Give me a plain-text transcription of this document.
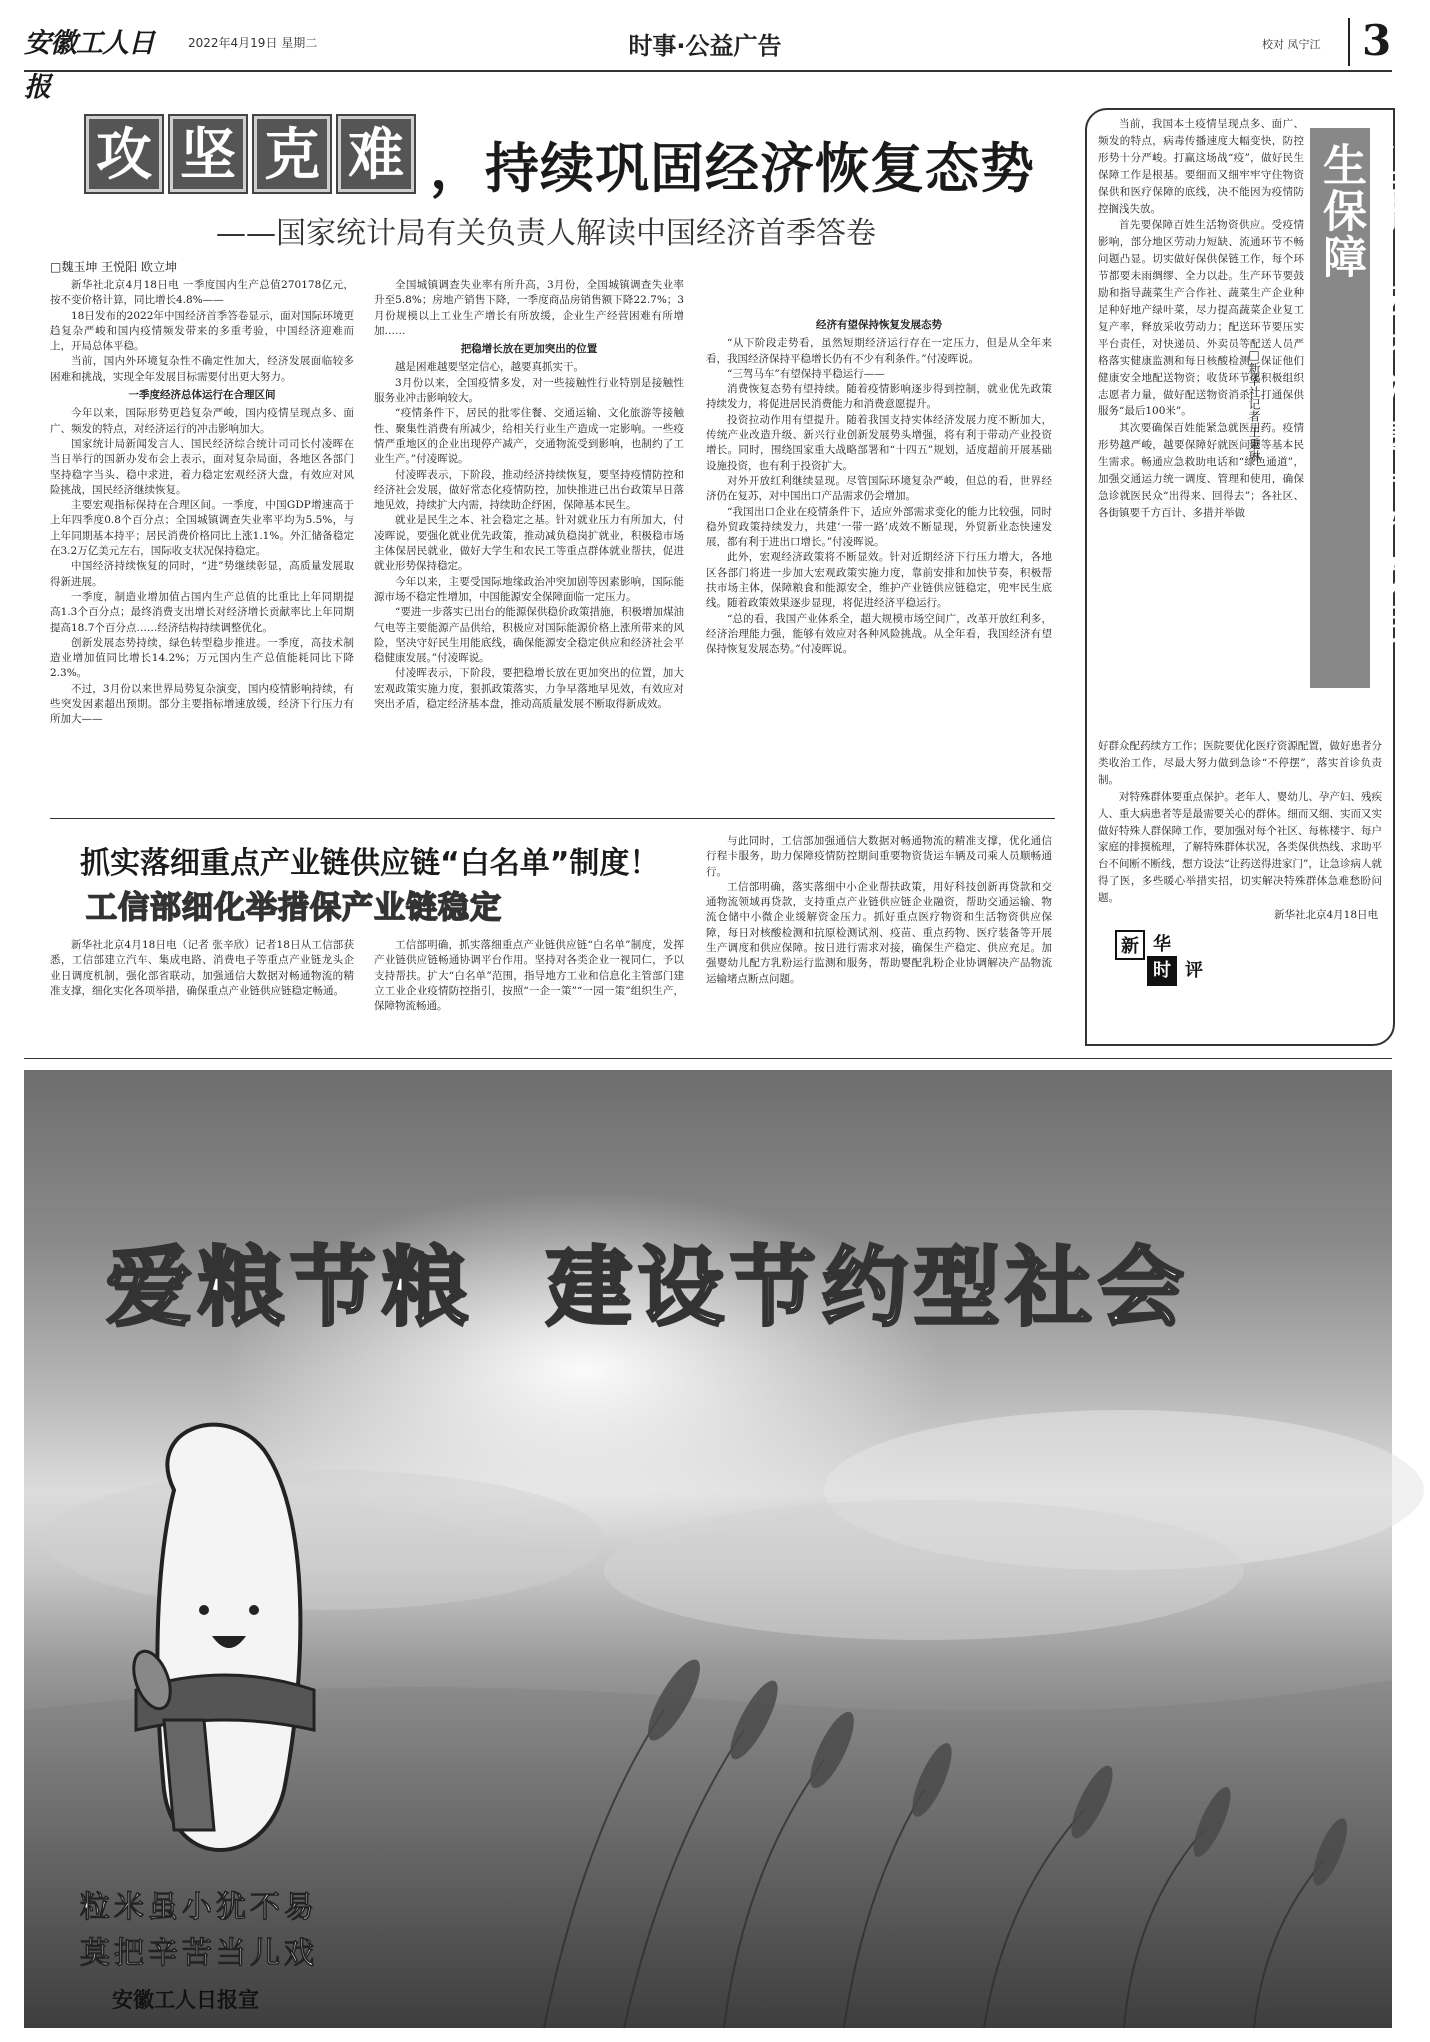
安徽工人日报
2022年4月19日 星期二	时事·公益广告	校对 凤宁江 3
攻 坚 克 难 ，持续巩固经济恢复态势
——国家统计局有关负责人解读中国经济首季答卷
□魏玉坤 王悦阳 欧立坤

新华社北京4月18日电 一季度国内生产总值270178亿元，按不变价格计算，同比增长4.8%——

18日发布的2022年中国经济首季答卷显示，面对国际环境更趋复杂严峻和国内疫情频发带来的多重考验，中国经济迎难而上，开局总体平稳。

当前，国内外环境复杂性不确定性加大，经济发展面临较多困难和挑战，实现全年发展目标需要付出更大努力。

一季度经济总体运行在合理区间

今年以来，国际形势更趋复杂严峻，国内疫情呈现点多、面广、频发的特点，对经济运行的冲击影响加大。

国家统计局新闻发言人、国民经济综合统计司司长付凌晖在当日举行的国新办发布会上表示，面对复杂局面，各地区各部门坚持稳字当头、稳中求进，着力稳定宏观经济大盘，有效应对风险挑战，国民经济继续恢复。

主要宏观指标保持在合理区间。一季度，中国GDP增速高于上年四季度0.8个百分点；全国城镇调查失业率平均为5.5%，与上年同期基本持平；居民消费价格同比上涨1.1%。外汇储备稳定在3.2万亿美元左右，国际收支状况保持稳定。

中国经济持续恢复的同时，“进”势继续彰显，高质量发展取得新进展。

一季度，制造业增加值占国内生产总值的比重比上年同期提高1.3个百分点；最终消费支出增长对经济增长贡献率比上年同期提高18.7个百分点……经济结构持续调整优化。

创新发展态势持续，绿色转型稳步推进。一季度，高技术制造业增加值同比增长14.2%；万元国内生产总值能耗同比下降2.3%。

不过，3月份以来世界局势复杂演变，国内疫情影响持续，有些突发因素超出预期。部分主要指标增速放缓，经济下行压力有所加大——

全国城镇调查失业率有所升高，3月份，全国城镇调查失业率升至5.8%；房地产销售下降，一季度商品房销售额下降22.7%；3月份规模以上工业生产增长有所放缓，企业生产经营困难有所增加……

把稳增长放在更加突出的位置

越是困难越要坚定信心，越要真抓实干。

3月份以来，全国疫情多发，对一些接触性行业特别是接触性服务业冲击影响较大。

“疫情条件下，居民的批零住餐、交通运输、文化旅游等接触性、聚集性消费有所减少，给相关行业生产造成一定影响。一些疫情严重地区的企业出现停产减产，交通物流受到影响，也制约了工业生产。”付凌晖说。

付凌晖表示，下阶段，推动经济持续恢复，要坚持疫情防控和经济社会发展，做好常态化疫情防控，加快推进已出台政策早日落地见效，持续扩大内需，持续助企纾困，保障基本民生。

就业是民生之本、社会稳定之基。针对就业压力有所加大，付凌晖说，要强化就业优先政策，推动减负稳岗扩就业，积极稳市场主体保居民就业，做好大学生和农民工等重点群体就业帮扶，促进就业形势保持稳定。

今年以来，主要受国际地缘政治冲突加剧等因素影响，国际能源市场不稳定性增加，中国能源安全保障面临一定压力。

“要进一步落实已出台的能源保供稳价政策措施，积极增加煤油气电等主要能源产品供给，积极应对国际能源价格上涨所带来的风险，坚决守好民生用能底线，确保能源安全稳定供应和经济社会平稳健康发展。”付凌晖说。

付凌晖表示，下阶段，要把稳增长放在更加突出的位置，加大宏观政策实施力度，狠抓政策落实，力争早落地早见效，有效应对突出矛盾，稳定经济基本盘，推动高质量发展不断取得新成效。

经济有望保持恢复发展态势

“从下阶段走势看，虽然短期经济运行存在一定压力，但是从全年来看，我国经济保持平稳增长仍有不少有利条件。”付凌晖说。

“三驾马车”有望保持平稳运行——

消费恢复态势有望持续。随着疫情影响逐步得到控制，就业优先政策持续发力，将促进居民消费能力和消费意愿提升。

投资拉动作用有望提升。随着我国支持实体经济发展力度不断加大，传统产业改造升级、新兴行业创新发展势头增强，将有利于带动产业投资增长。同时，围绕国家重大战略部署和“十四五”规划，适度超前开展基础设施投资，也有利于投资扩大。

对外开放红利继续显现。尽管国际环境复杂严峻，但总的看，世界经济仍在复苏，对中国出口产品需求仍会增加。

“我国出口企业在疫情条件下，适应外部需求变化的能力比较强，同时稳外贸政策持续发力，共建‘一带一路’成效不断显现，外贸新业态快速发展，都有利于进出口增长。”付凌晖说。

此外，宏观经济政策将不断显效。针对近期经济下行压力增大，各地区各部门将进一步加大宏观政策实施力度，靠前安排和加快节奏，积极帮扶市场主体，保障粮食和能源安全，维护产业链供应链稳定，兜牢民生底线。随着政策效果逐步显现，将促进经济平稳运行。

“总的看，我国产业体系全，超大规模市场空间广，改革开放红利多，经济治理能力强，能够有效应对各种风险挑战。从全年看，我国经济有望保持恢复发展态势。”付凌晖说。

抓实落细重点产业链供应链“白名单”制度！
工信部细化举措保产业链稳定

新华社北京4月18日电（记者 张辛欣）记者18日从工信部获悉，工信部建立汽车、集成电路、消费电子等重点产业链龙头企业日调度机制，强化部省联动，加强通信大数据对畅通物流的精准支撑，细化实化各项举措，确保重点产业链供应链稳定畅通。

工信部明确，抓实落细重点产业链供应链“白名单”制度，发挥产业链供应链畅通协调平台作用。坚持对各类企业一视同仁，予以支持帮扶。扩大“白名单”范围，指导地方工业和信息化主管部门建立工业企业疫情防控指引，按照“一企一策”“一园一策”组织生产，保障物流畅通。

与此同时，工信部加强通信大数据对畅通物流的精准支撑，优化通信行程卡服务，助力保障疫情防控期间重要物资货运车辆及司乘人员顺畅通行。

工信部明确，落实落细中小企业帮扶政策，用好科技创新再贷款和交通物流领域再贷款，支持重点产业链供应链企业融资，帮助交通运输、物流仓储中小微企业缓解资金压力。抓好重点医疗物资和生活物资供应保障，每日对核酸检测和抗原检测试剂、疫苗、重点药物、医疗装备等开展生产调度和供应保障。按日进行需求对接，确保生产稳定、供应充足。加强婴幼儿配方乳粉运行监测和服务，帮助婴配乳粉企业协调解决产品物流运输堵点断点问题。

坚持『动态清零』做好民生保障
□新华社记者 王秉琳

当前，我国本土疫情呈现点多、面广、频发的特点，病毒传播速度大幅变快，防控形势十分严峻。打赢这场战“疫”，做好民生保障工作是根基。要细而又细牢牢守住物资保供和医疗保障的底线，决不能因为疫情防控搁浅失放。

首先要保障百姓生活物资供应。受疫情影响，部分地区劳动力短缺、流通环节不畅问题凸显。切实做好保供保链工作，每个环节都要未雨绸缪、全力以赴。生产环节要鼓励和指导蔬菜生产合作社、蔬菜生产企业种足种好地产绿叶菜，尽力提高蔬菜企业复工复产率，释放采收劳动力；配送环节要压实平台责任，对快递员、外卖员等配送人员严格落实健康监测和每日核酸检测，保证他们健康安全地配送物资；收货环节要积极组织志愿者力量，做好配送物资消杀，打通保供服务“最后100米”。

其次要确保百姓能紧急就医用药。疫情形势越严峻，越要保障好就医问题等基本民生需求。畅通应急救助电话和“绿色通道”，加强交通运力统一调度、管理和使用，确保急诊就医民众“出得来、回得去”；各社区、各街镇要千方百计、多措并举做

好群众配药续方工作；医院要优化医疗资源配置，做好患者分类收治工作，尽最大努力做到急诊“不停摆”，落实首诊负责制。

对特殊群体要重点保护。老年人、婴幼儿、孕产妇、残疾人、重大病患者等是最需要关心的群体。细而又细、实而又实做好特殊人群保障工作，要加强对每个社区、每栋楼宇、每户家庭的排摸梳理，了解特殊群体状况，各类保供热线、求助平台不间断不断线，想方设法“让药送得进家门”，让急诊病人就得了医，多些暖心举措实招，切实解决特殊群体急难愁盼问题。

新华社北京4月18日电
新 华
时 评
爱粮节粮  建设节约型社会
粒米虽小犹不易
莫把辛苦当儿戏
安徽工人日报宣
